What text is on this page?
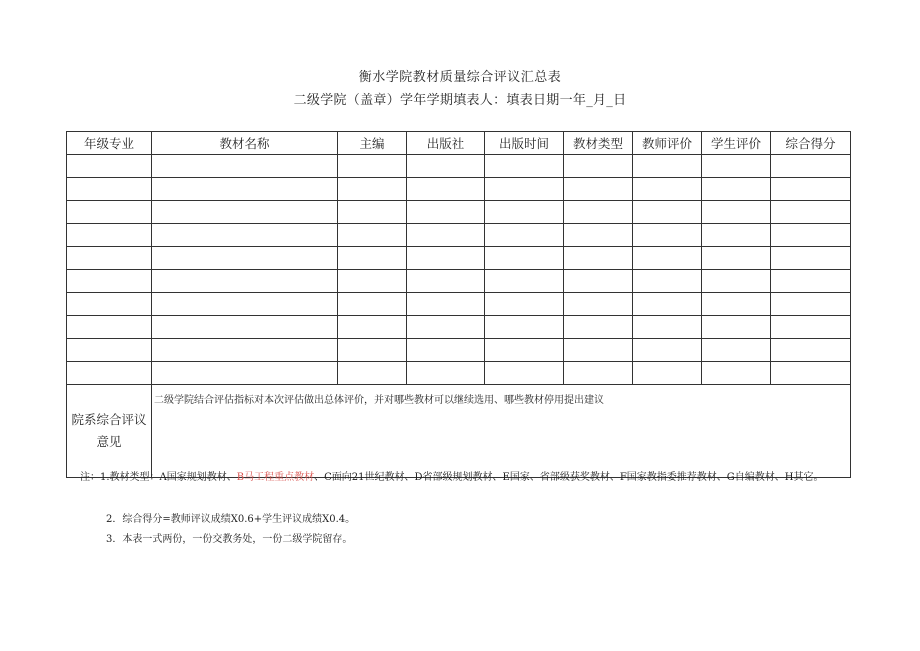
衡水学院教材质量综合评议汇总表
二级学院（盖章）学年学期填表人：填表日期一年_月_日
年级专业	教材名称	主编	出版社	出版时间	教材类型	教师评价	学生评价	综合得分

院系综合评议意见	二级学院结合评估指标对本次评估做出总体评价，并对哪些教材可以继续选用、哪些教材停用提出建议							
注：1.教材类型：A国家规划教材、B马工程重点教材、C面向21世纪教材、D省部级规划教材、E国家、省部级获奖教材、F国家教指委推荐教材、G自编教材、H其它。
2．综合得分=教师评议成绩X0.6+学生评议成绩X0.4。
3．本表一式两份，一份交教务处，一份二级学院留存。
